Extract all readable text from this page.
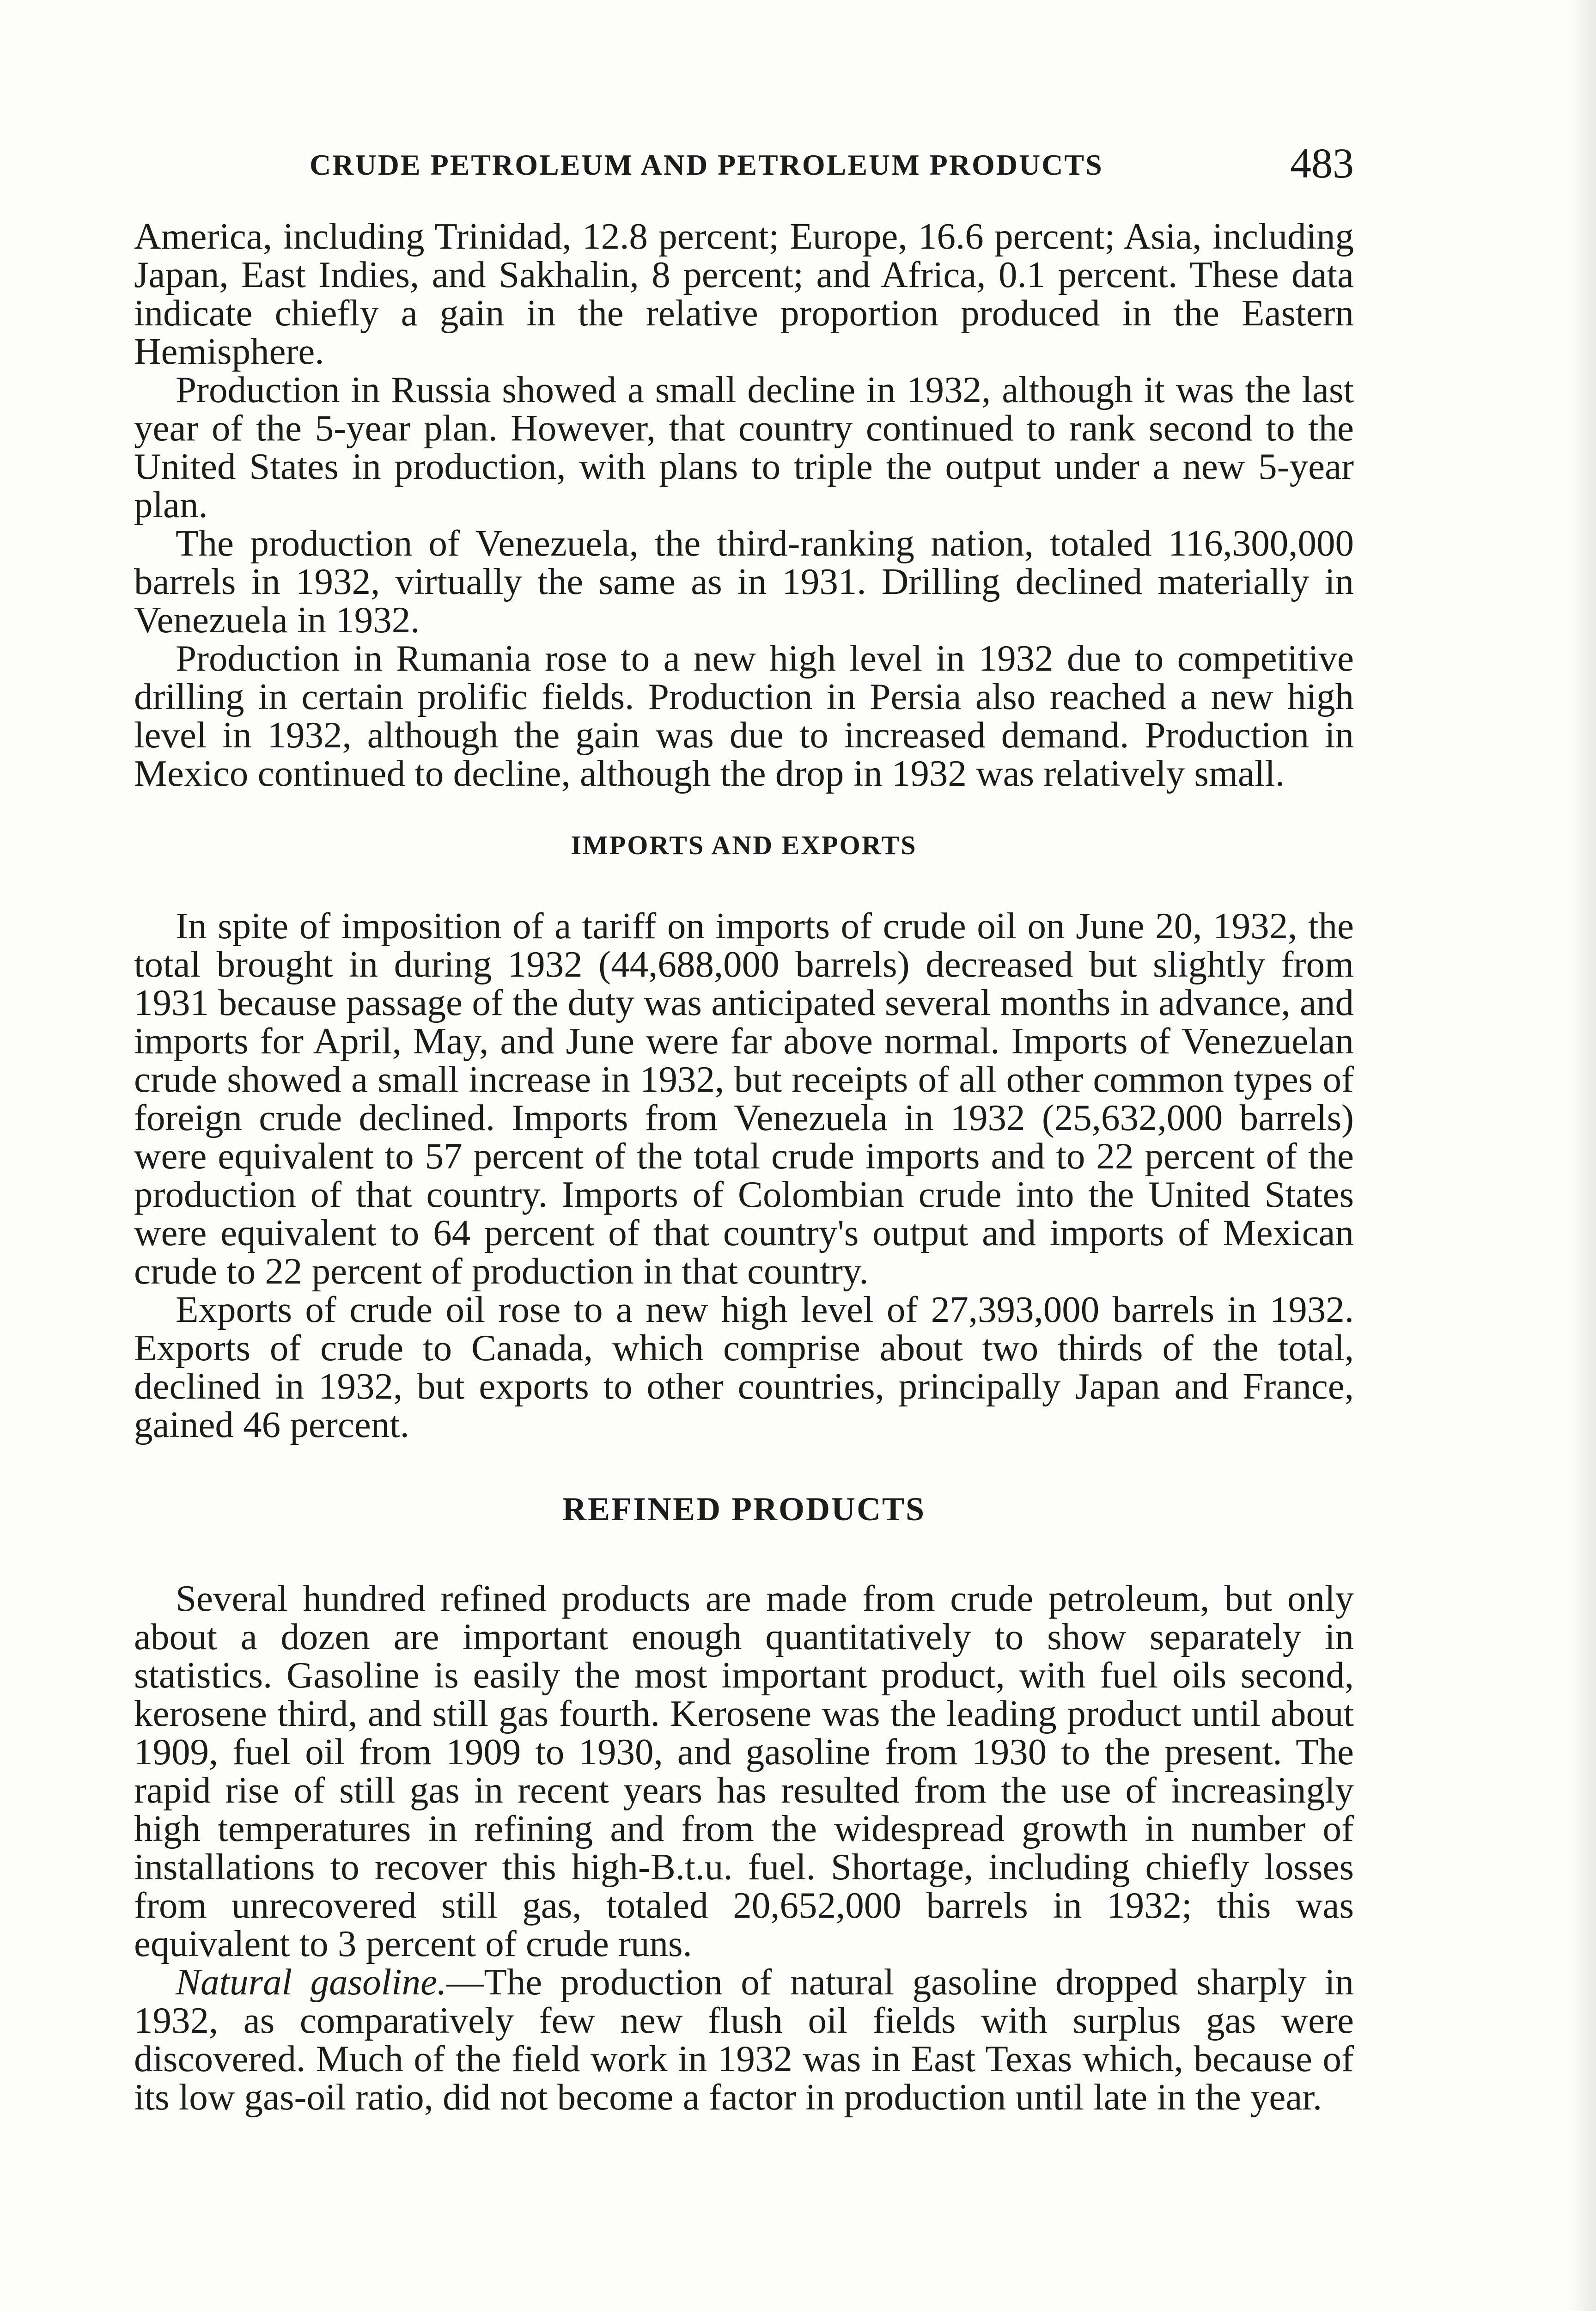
CRUDE PETROLEUM AND PETROLEUM PRODUCTS	483

America, including Trinidad, 12.8 percent; Europe, 16.6 percent; Asia, including Japan, East Indies, and Sakhalin, 8 percent; and Africa, 0.1 percent. These data indicate chiefly a gain in the relative proportion produced in the Eastern Hemisphere.

Production in Russia showed a small decline in 1932, although it was the last year of the 5-year plan. However, that country continued to rank second to the United States in production, with plans to triple the output under a new 5-year plan.

The production of Venezuela, the third-ranking nation, totaled 116,300,000 barrels in 1932, virtually the same as in 1931. Drilling declined materially in Venezuela in 1932.

Production in Rumania rose to a new high level in 1932 due to competitive drilling in certain prolific fields. Production in Persia also reached a new high level in 1932, although the gain was due to increased demand. Production in Mexico continued to decline, although the drop in 1932 was relatively small.

IMPORTS AND EXPORTS

In spite of imposition of a tariff on imports of crude oil on June 20, 1932, the total brought in during 1932 (44,688,000 barrels) decreased but slightly from 1931 because passage of the duty was anticipated several months in advance, and imports for April, May, and June were far above normal. Imports of Venezuelan crude showed a small increase in 1932, but receipts of all other common types of foreign crude declined. Imports from Venezuela in 1932 (25,632,000 barrels) were equivalent to 57 percent of the total crude imports and to 22 percent of the production of that country. Imports of Colombian crude into the United States were equivalent to 64 percent of that country's output and imports of Mexican crude to 22 percent of production in that country.

Exports of crude oil rose to a new high level of 27,393,000 barrels in 1932. Exports of crude to Canada, which comprise about two thirds of the total, declined in 1932, but exports to other countries, principally Japan and France, gained 46 percent.

REFINED PRODUCTS

Several hundred refined products are made from crude petroleum, but only about a dozen are important enough quantitatively to show separately in statistics. Gasoline is easily the most important product, with fuel oils second, kerosene third, and still gas fourth. Kerosene was the leading product until about 1909, fuel oil from 1909 to 1930, and gasoline from 1930 to the present. The rapid rise of still gas in recent years has resulted from the use of increasingly high temperatures in refining and from the widespread growth in number of installations to recover this high-B.t.u. fuel. Shortage, including chiefly losses from unrecovered still gas, totaled 20,652,000 barrels in 1932; this was equivalent to 3 percent of crude runs.

Natural gasoline.—The production of natural gasoline dropped sharply in 1932, as comparatively few new flush oil fields with surplus gas were discovered. Much of the field work in 1932 was in East Texas which, because of its low gas-oil ratio, did not become a factor in production until late in the year.
